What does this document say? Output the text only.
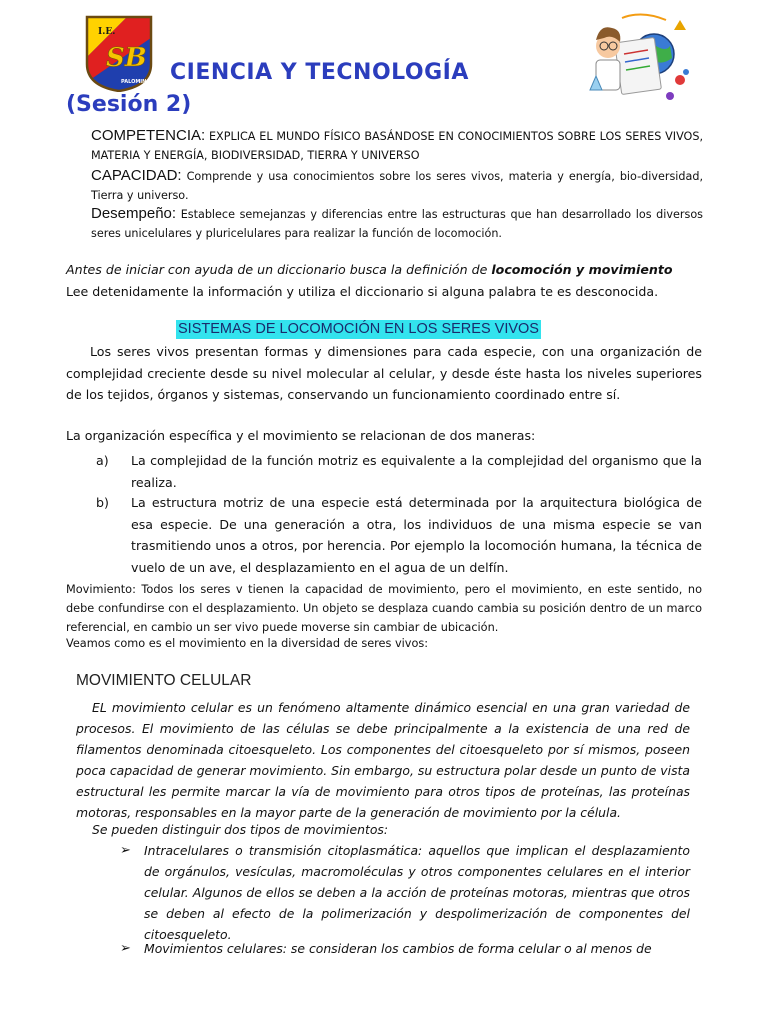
I.E.
SB
PALOMINO CIENCIA Y TECNOLOGÍA
(Sesión 2)
COMPETENCIA: EXPLICA EL MUNDO FÍSICO BASÁNDOSE EN CONOCIMIENTOS SOBRE LOS SERES VIVOS, MATERIA Y ENERGÍA, BIODIVERSIDAD, TIERRA Y UNIVERSO
CAPACIDAD: Comprende y usa conocimientos sobre los seres vivos, materia y energía, bio-diversidad, Tierra y universo.
Desempeño: Establece semejanzas y diferencias entre las estructuras que han desarrollado los diversos seres unicelulares y pluricelulares para realizar la función de locomoción.
Antes de iniciar con ayuda de un diccionario busca la definición de locomoción y movimiento
Lee detenidamente la información y utiliza el diccionario si alguna palabra te es desconocida.
SISTEMAS DE LOCOMOCIÓN EN LOS SERES VIVOS
Los seres vivos presentan formas y dimensiones para cada especie, con una organización de complejidad creciente desde su nivel molecular al celular, y desde éste hasta los niveles superiores de los tejidos, órganos y sistemas, conservando un funcionamiento coordinado entre sí.
La organización específica y el movimiento se relacionan de dos maneras:
a)	La complejidad de la función motriz es equivalente a la complejidad del organismo que la realiza.
b)	La estructura motriz de una especie está determinada por la arquitectura biológica de esa especie. De una generación a otra, los individuos de una misma especie se van trasmitiendo unos a otros, por herencia. Por ejemplo la locomoción humana, la técnica de vuelo de un ave, el desplazamiento en el agua de un delfín.
Movimiento: Todos los seres v tienen la capacidad de movimiento, pero el movimiento, en este sentido, no debe confundirse con el desplazamiento. Un objeto se desplaza cuando cambia su posición dentro de un marco referencial, en cambio un ser vivo puede moverse sin cambiar de ubicación.
Veamos como es el movimiento en la diversidad de seres vivos:
MOVIMIENTO CELULAR
EL movimiento celular es un fenómeno altamente dinámico esencial en una gran variedad de procesos. El movimiento de las células se debe principalmente a la existencia de una red de filamentos denominada citoesqueleto. Los componentes del citoesqueleto por sí mismos, poseen poca capacidad de generar movimiento. Sin embargo, su estructura polar desde un punto de vista estructural les permite marcar la vía de movimiento para otros tipos de proteínas, las proteínas motoras, responsables en la mayor parte de la generación de movimiento por la célula.
Se pueden distinguir dos tipos de movimientos:
➢ Intracelulares o transmisión citoplasmática: aquellos que implican el desplazamiento de orgánulos, vesículas, macromoléculas y otros componentes celulares en el interior celular. Algunos de ellos se deben a la acción de proteínas motoras, mientras que otros se deben al efecto de la polimerización y despolimerización de componentes del citoesqueleto.
➢ Movimientos celulares: se consideran los cambios de forma celular o al menos de
